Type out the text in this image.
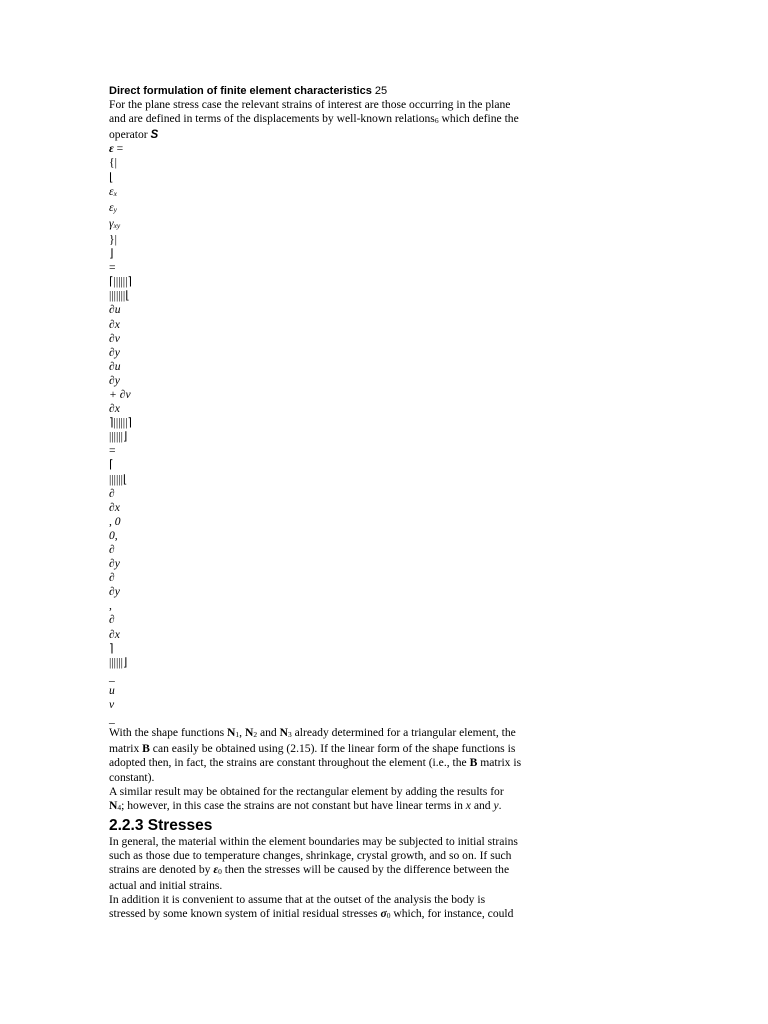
Direct formulation of finite element characteristics 25
For the plane stress case the relevant strains of interest are those occurring in the plane
and are defined in terms of the displacements by well-known relations6 which define the
operator S
ε =
{|
⌊
εx
εy
γxy
}|
⌋
=
⌈||||||⌉
|||||||⌊
∂u
∂x
∂v
∂y
∂u
∂y
+ ∂v
∂x
⌉||||||⌉
||||||⌋
=
⌈
||||||⌊
∂
∂x
, 0
0,
∂
∂y
∂
∂y
,
∂
∂x
⌉
||||||⌋
_
u
v
_
With the shape functions N1, N2 and N3 already determined for a triangular element, the
matrix B can easily be obtained using (2.15). If the linear form of the shape functions is
adopted then, in fact, the strains are constant throughout the element (i.e., the B matrix is
constant).
A similar result may be obtained for the rectangular element by adding the results for
N4; however, in this case the strains are not constant but have linear terms in x and y.
2.2.3 Stresses
In general, the material within the element boundaries may be subjected to initial strains
such as those due to temperature changes, shrinkage, crystal growth, and so on. If such
strains are denoted by ε0 then the stresses will be caused by the difference between the
actual and initial strains.
In addition it is convenient to assume that at the outset of the analysis the body is
stressed by some known system of initial residual stresses σ0 which, for instance, could
